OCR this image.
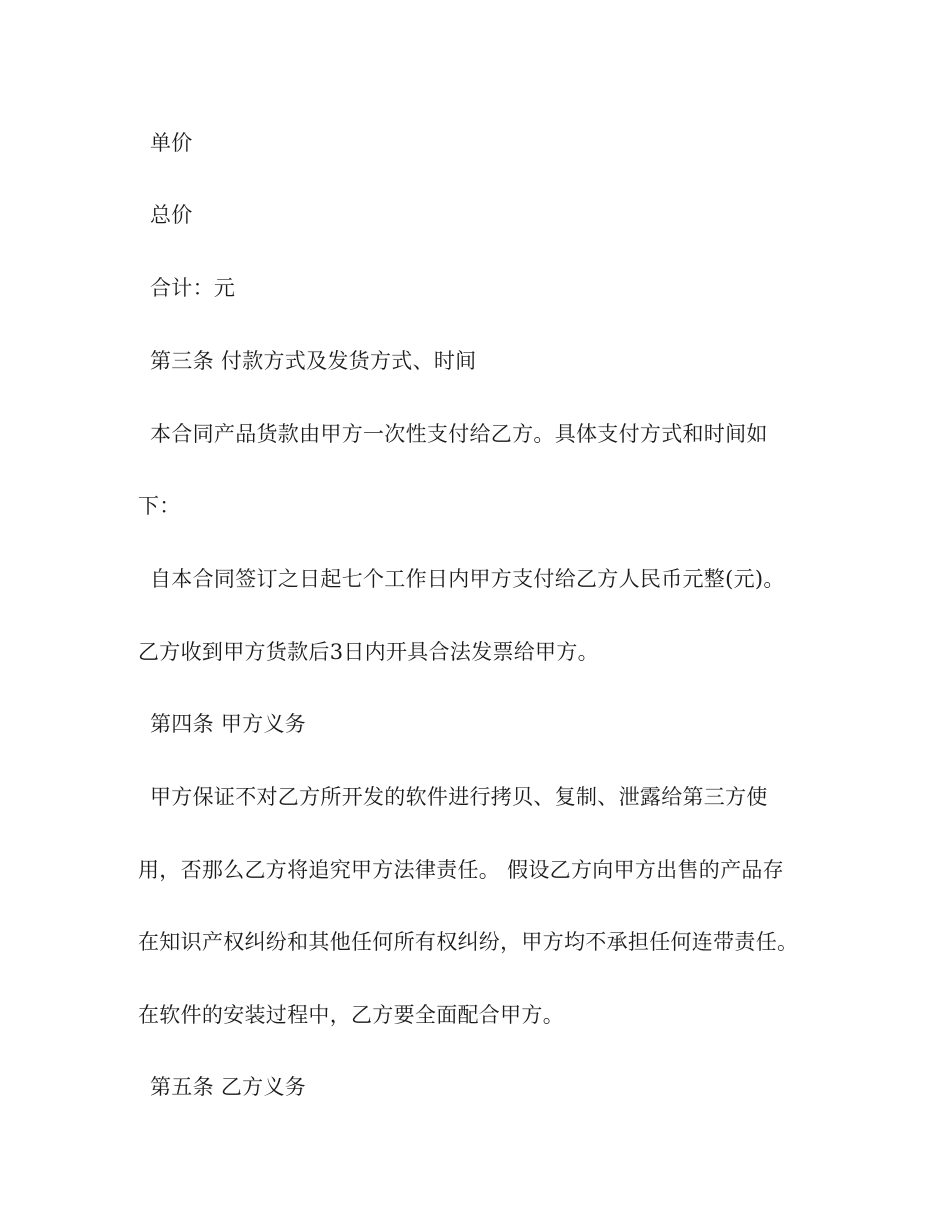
单价
总价
合计：元
第三条 付款方式及发货方式、时间
本合同产品货款由甲方一次性支付给乙方。具体支付方式和时间如
下：
自本合同签订之日起七个工作日内甲方支付给乙方人民币元整(元)。
乙方收到甲方货款后3日内开具合法发票给甲方。
第四条 甲方义务
甲方保证不对乙方所开发的软件进行拷贝、复制、泄露给第三方使
用，否那么乙方将追究甲方法律责任。 假设乙方向甲方出售的产品存
在知识产权纠纷和其他任何所有权纠纷，甲方均不承担任何连带责任。
在软件的安装过程中，乙方要全面配合甲方。
第五条 乙方义务
